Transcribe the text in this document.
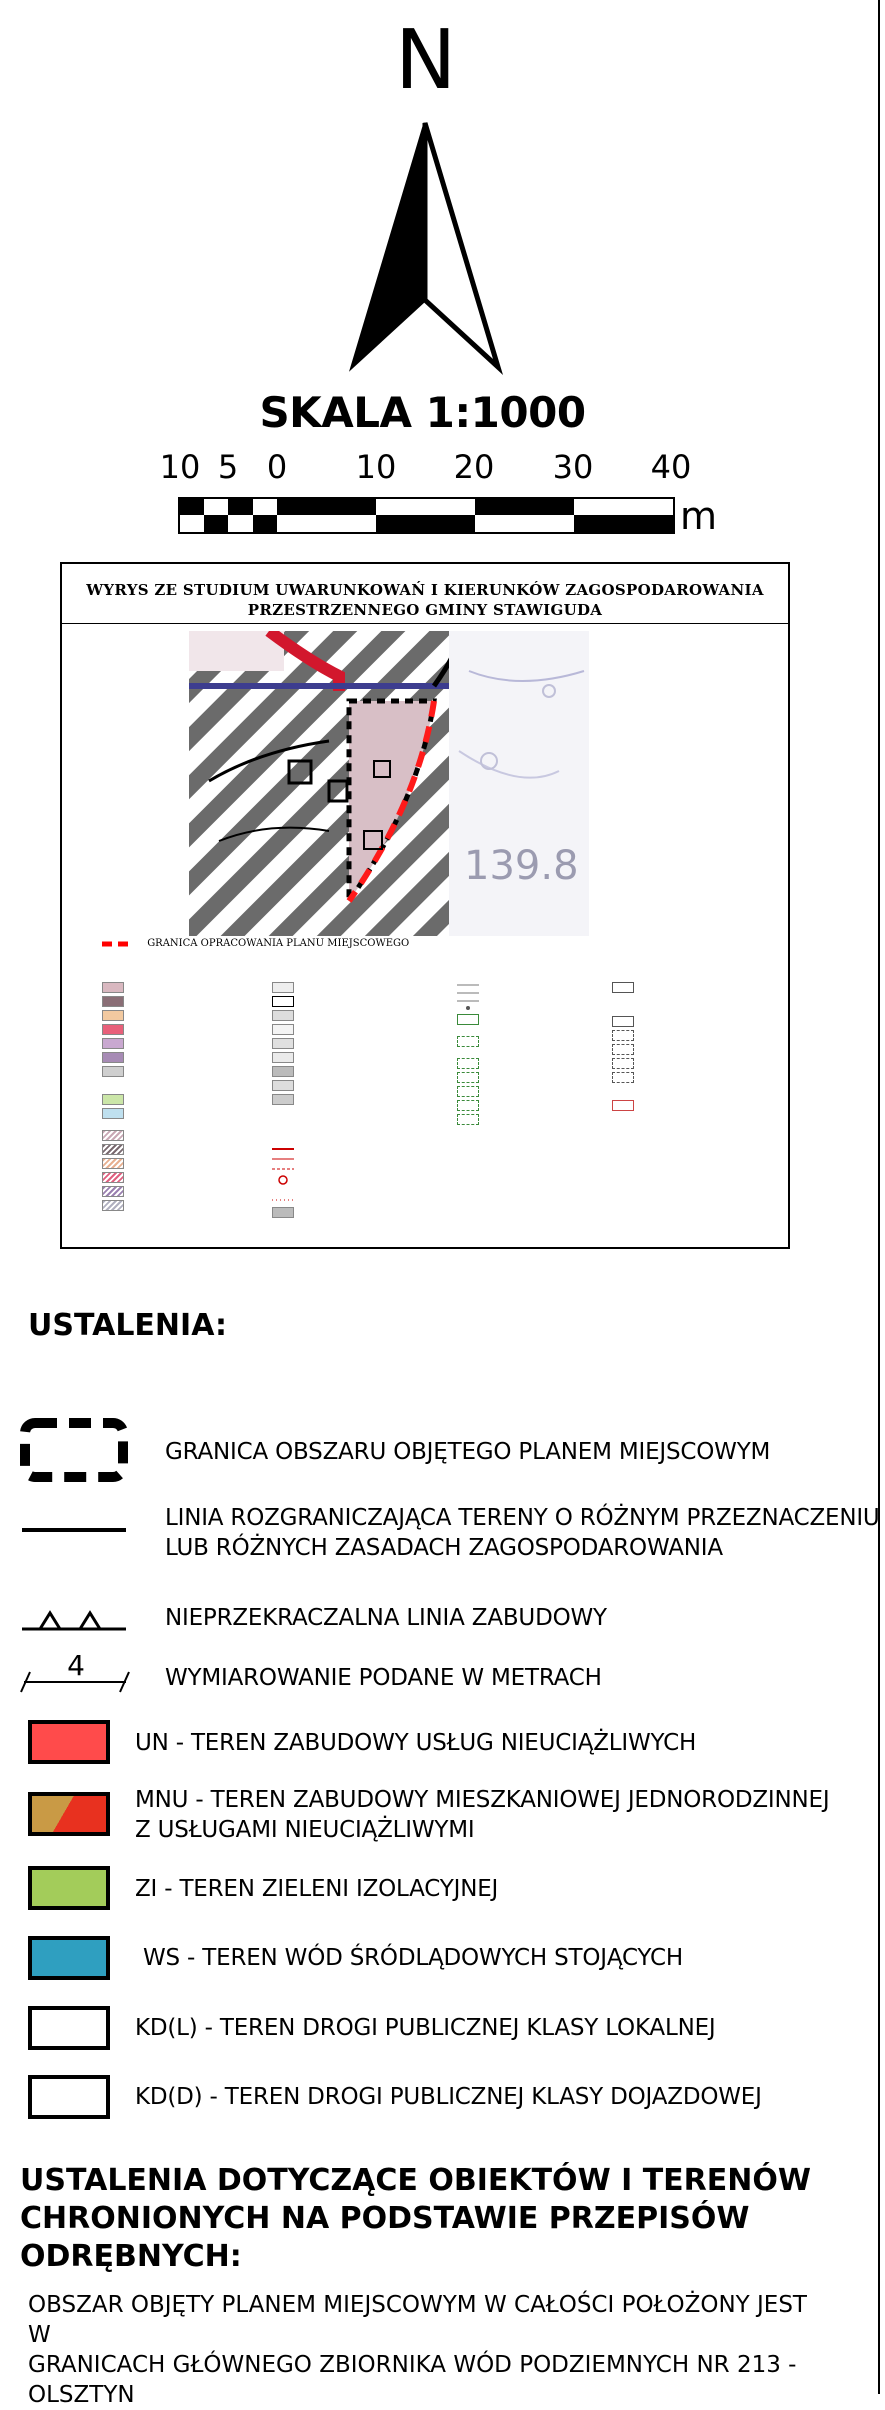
N
SKALA 1:1000
10 5 0	10	20	30	40
m
WYRYS ZE STUDIUM UWARUNKOWAŃ I KIERUNKÓW ZAGOSPODAROWANIA
PRZESTRZENNEGO GMINY STAWIGUDA
139.8
GRANICA OPRACOWANIA PLANU MIEJSCOWEGO
USTALENIA:
GRANICA OBSZARU OBJĘTEGO PLANEM MIEJSCOWYM
LINIA ROZGRANICZAJĄCA TERENY O RÓŻNYM PRZEZNACZENIU
LUB RÓŻNYCH ZASADACH ZAGOSPODAROWANIA
NIEPRZEKRACZALNA LINIA ZABUDOWY
4	WYMIAROWANIE PODANE W METRACH
UN - TEREN ZABUDOWY USŁUG NIEUCIĄŻLIWYCH
MNU - TEREN ZABUDOWY MIESZKANIOWEJ JEDNORODZINNEJ
Z USŁUGAMI NIEUCIĄŻLIWYMI
ZI - TEREN ZIELENI IZOLACYJNEJ
WS - TEREN WÓD ŚRÓDLĄDOWYCH STOJĄCYCH
KD(L) - TEREN DROGI PUBLICZNEJ KLASY LOKALNEJ
KD(D) - TEREN DROGI PUBLICZNEJ KLASY DOJAZDOWEJ
USTALENIA DOTYCZĄCE OBIEKTÓW I TERENÓW
CHRONIONYCH NA PODSTAWIE PRZEPISÓW
ODRĘBNYCH:
OBSZAR OBJĘTY PLANEM MIEJSCOWYM W CAŁOŚCI POŁOŻONY JEST W
GRANICACH GŁÓWNEGO ZBIORNIKA WÓD PODZIEMNYCH NR 213 -
OLSZTYN
